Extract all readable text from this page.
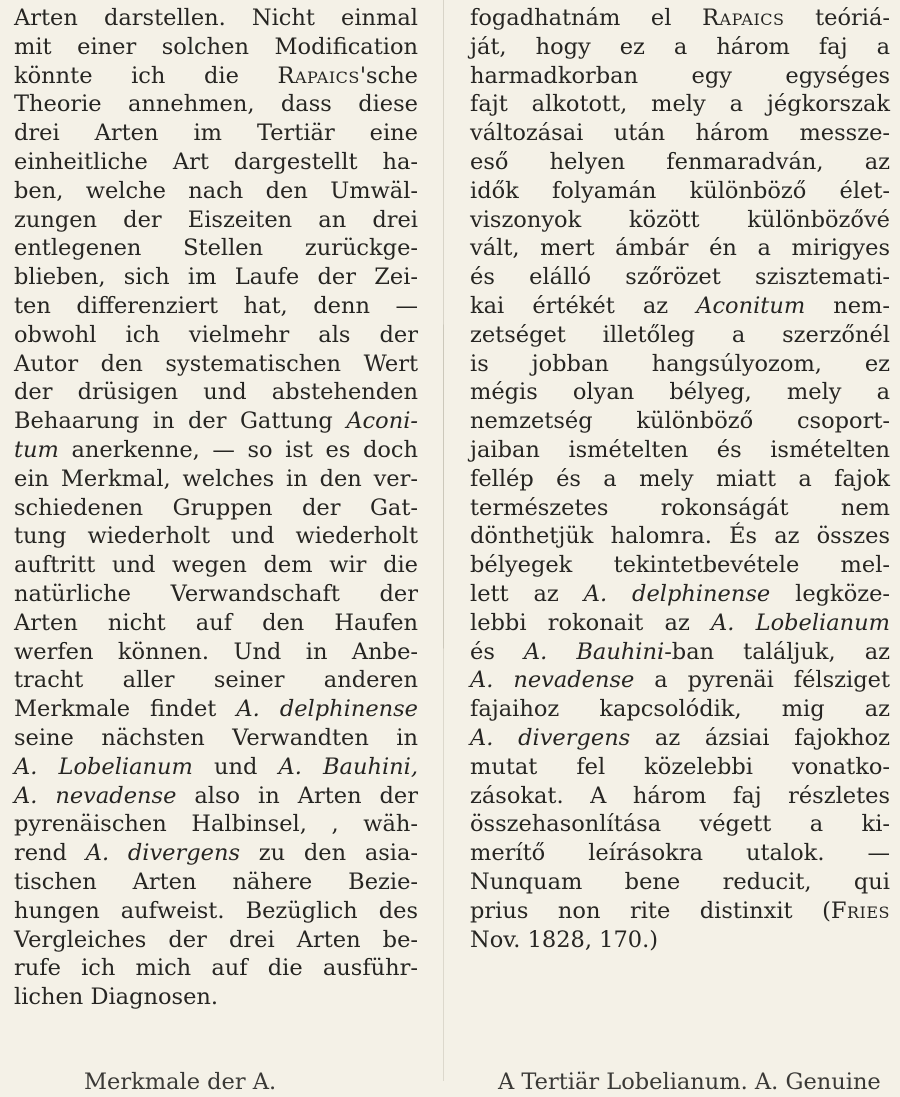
Arten darstellen. Nicht einmal
mit einer solchen Modification
könnte ich die Rapaics'sche
Theorie annehmen, dass diese
drei Arten im Tertiär eine
einheitliche Art dargestellt ha-
ben, welche nach den Umwäl-
zungen der Eiszeiten an drei
entlegenen Stellen zurückge-
blieben, sich im Laufe der Zei-
ten differenziert hat, denn —
obwohl ich vielmehr als der
Autor den systematischen Wert
der drüsigen und abstehenden
Behaarung in der Gattung Aconi-
tum anerkenne, — so ist es doch
ein Merkmal, welches in den ver-
schiedenen Gruppen der Gat-
tung wiederholt und wiederholt
auftritt und wegen dem wir die
natürliche Verwandschaft der
Arten nicht auf den Haufen
werfen können. Und in Anbe-
tracht aller seiner anderen
Merkmale findet A. delphinense
seine nächsten Verwandten in
A. Lobelianum und A. Bauhini,
A. nevadense also in Arten der
pyrenäischen Halbinsel, , wäh-
rend A. divergens zu den asia-
tischen Arten nähere Bezie-
hungen aufweist. Bezüglich des
Vergleiches der drei Arten be-
rufe ich mich auf die ausführ-
lichen Diagnosen.
fogadhatnám el Rapaics teóriá-
ját, hogy ez a három faj a
harmadkorban egy egységes
fajt alkotott, mely a jégkorszak
változásai után három messze-
eső helyen fenmaradván, az
idők folyamán különböző élet-
viszonyok között különbözővé
vált, mert ámbár én a mirigyes
és elálló szőrözet szisztemati-
kai értékét az Aconitum nem-
zetséget illetőleg a szerzőnél
is jobban hangsúlyozom, ez
mégis olyan bélyeg, mely a
nemzetség különböző csoport-
jaiban ismételten és ismételten
fellép és a mely miatt a fajok
természetes rokonságát nem
dönthetjük halomra. És az összes
bélyegek tekintetbevétele mel-
lett az A. delphinense legköze-
lebbi rokonait az A. Lobelianum
és A. Bauhini-ban találjuk, az
A. nevadense a pyrenäi félsziget
fajaihoz kapcsolódik, mig az
A. divergens az ázsiai fajokhoz
mutat fel közelebbi vonatko-
zásokat. A három faj részletes
összehasonlítása végett a ki-
merítő leírásokra utalok. —
Nunquam bene reducit, qui
prius non rite distinxit (Fries
Nov. 1828, 170.)
Merkmale der A.	A Tertiär Lobelianum. A. Genuine
